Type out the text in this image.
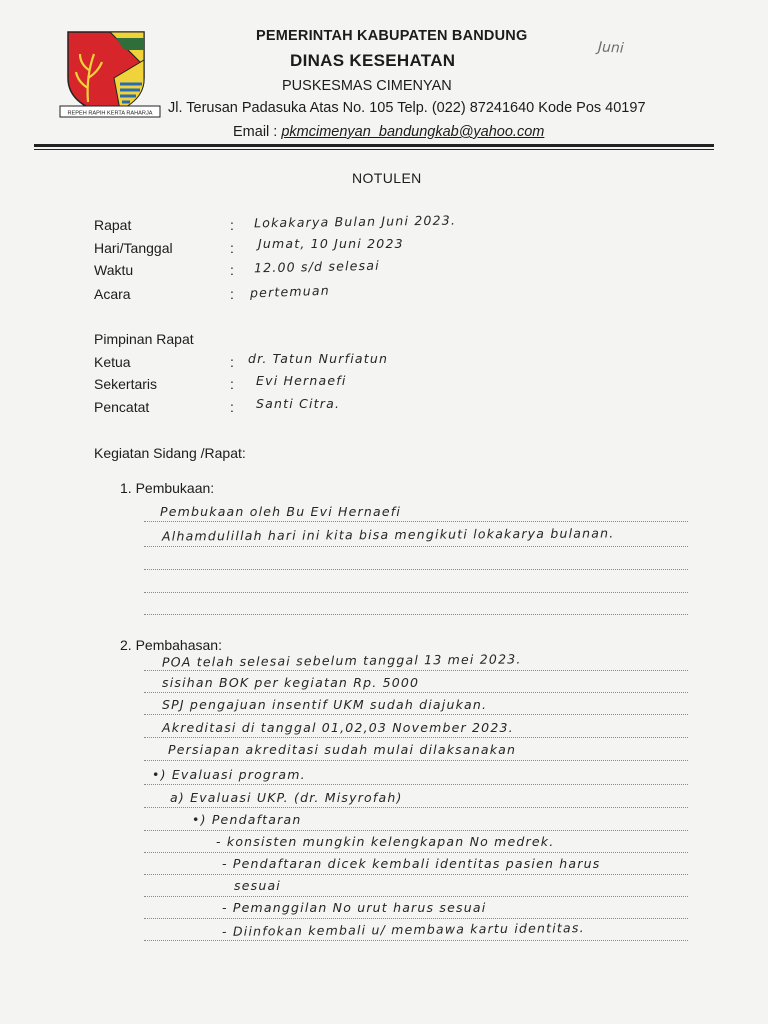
REPEH RAPIH KERTA RAHARJA
PEMERINTAH KABUPATEN BANDUNG
DINAS KESEHATAN
PUSKESMAS CIMENYAN
Jl. Terusan Padasuka Atas No. 105 Telp. (022) 87241640 Kode Pos 40197
Email : pkmcimenyan_bandungkab@yahoo.com
Juni
NOTULEN
Rapat	: Lokakarya Bulan Juni 2023.
Hari/Tanggal	: Jumat, 10 Juni 2023
Waktu	: 12.00 s/d selesai
Acara	: pertemuan
Pimpinan Rapat
Ketua	: dr. Tatun Nurfiatun
Sekertaris	: Evi Hernaefi
Pencatat	: Santi Citra.
Kegiatan Sidang /Rapat:
1. Pembukaan:
Pembukaan oleh Bu Evi Hernaefi
Alhamdulillah hari ini kita bisa mengikuti lokakarya bulanan.
2. Pembahasan:
POA telah selesai sebelum tanggal 13 mei 2023.
sisihan BOK per kegiatan Rp. 5000
SPJ pengajuan insentif UKM sudah diajukan.
Akreditasi di tanggal 01,02,03 November 2023.
Persiapan akreditasi sudah mulai dilaksanakan
•) Evaluasi program.
a) Evaluasi UKP. (dr. Misyrofah)
•) Pendaftaran
- konsisten mungkin kelengkapan No medrek.
- Pendaftaran dicek kembali identitas pasien harus
sesuai
- Pemanggilan No urut harus sesuai
- Diinfokan kembali u/ membawa kartu identitas.
